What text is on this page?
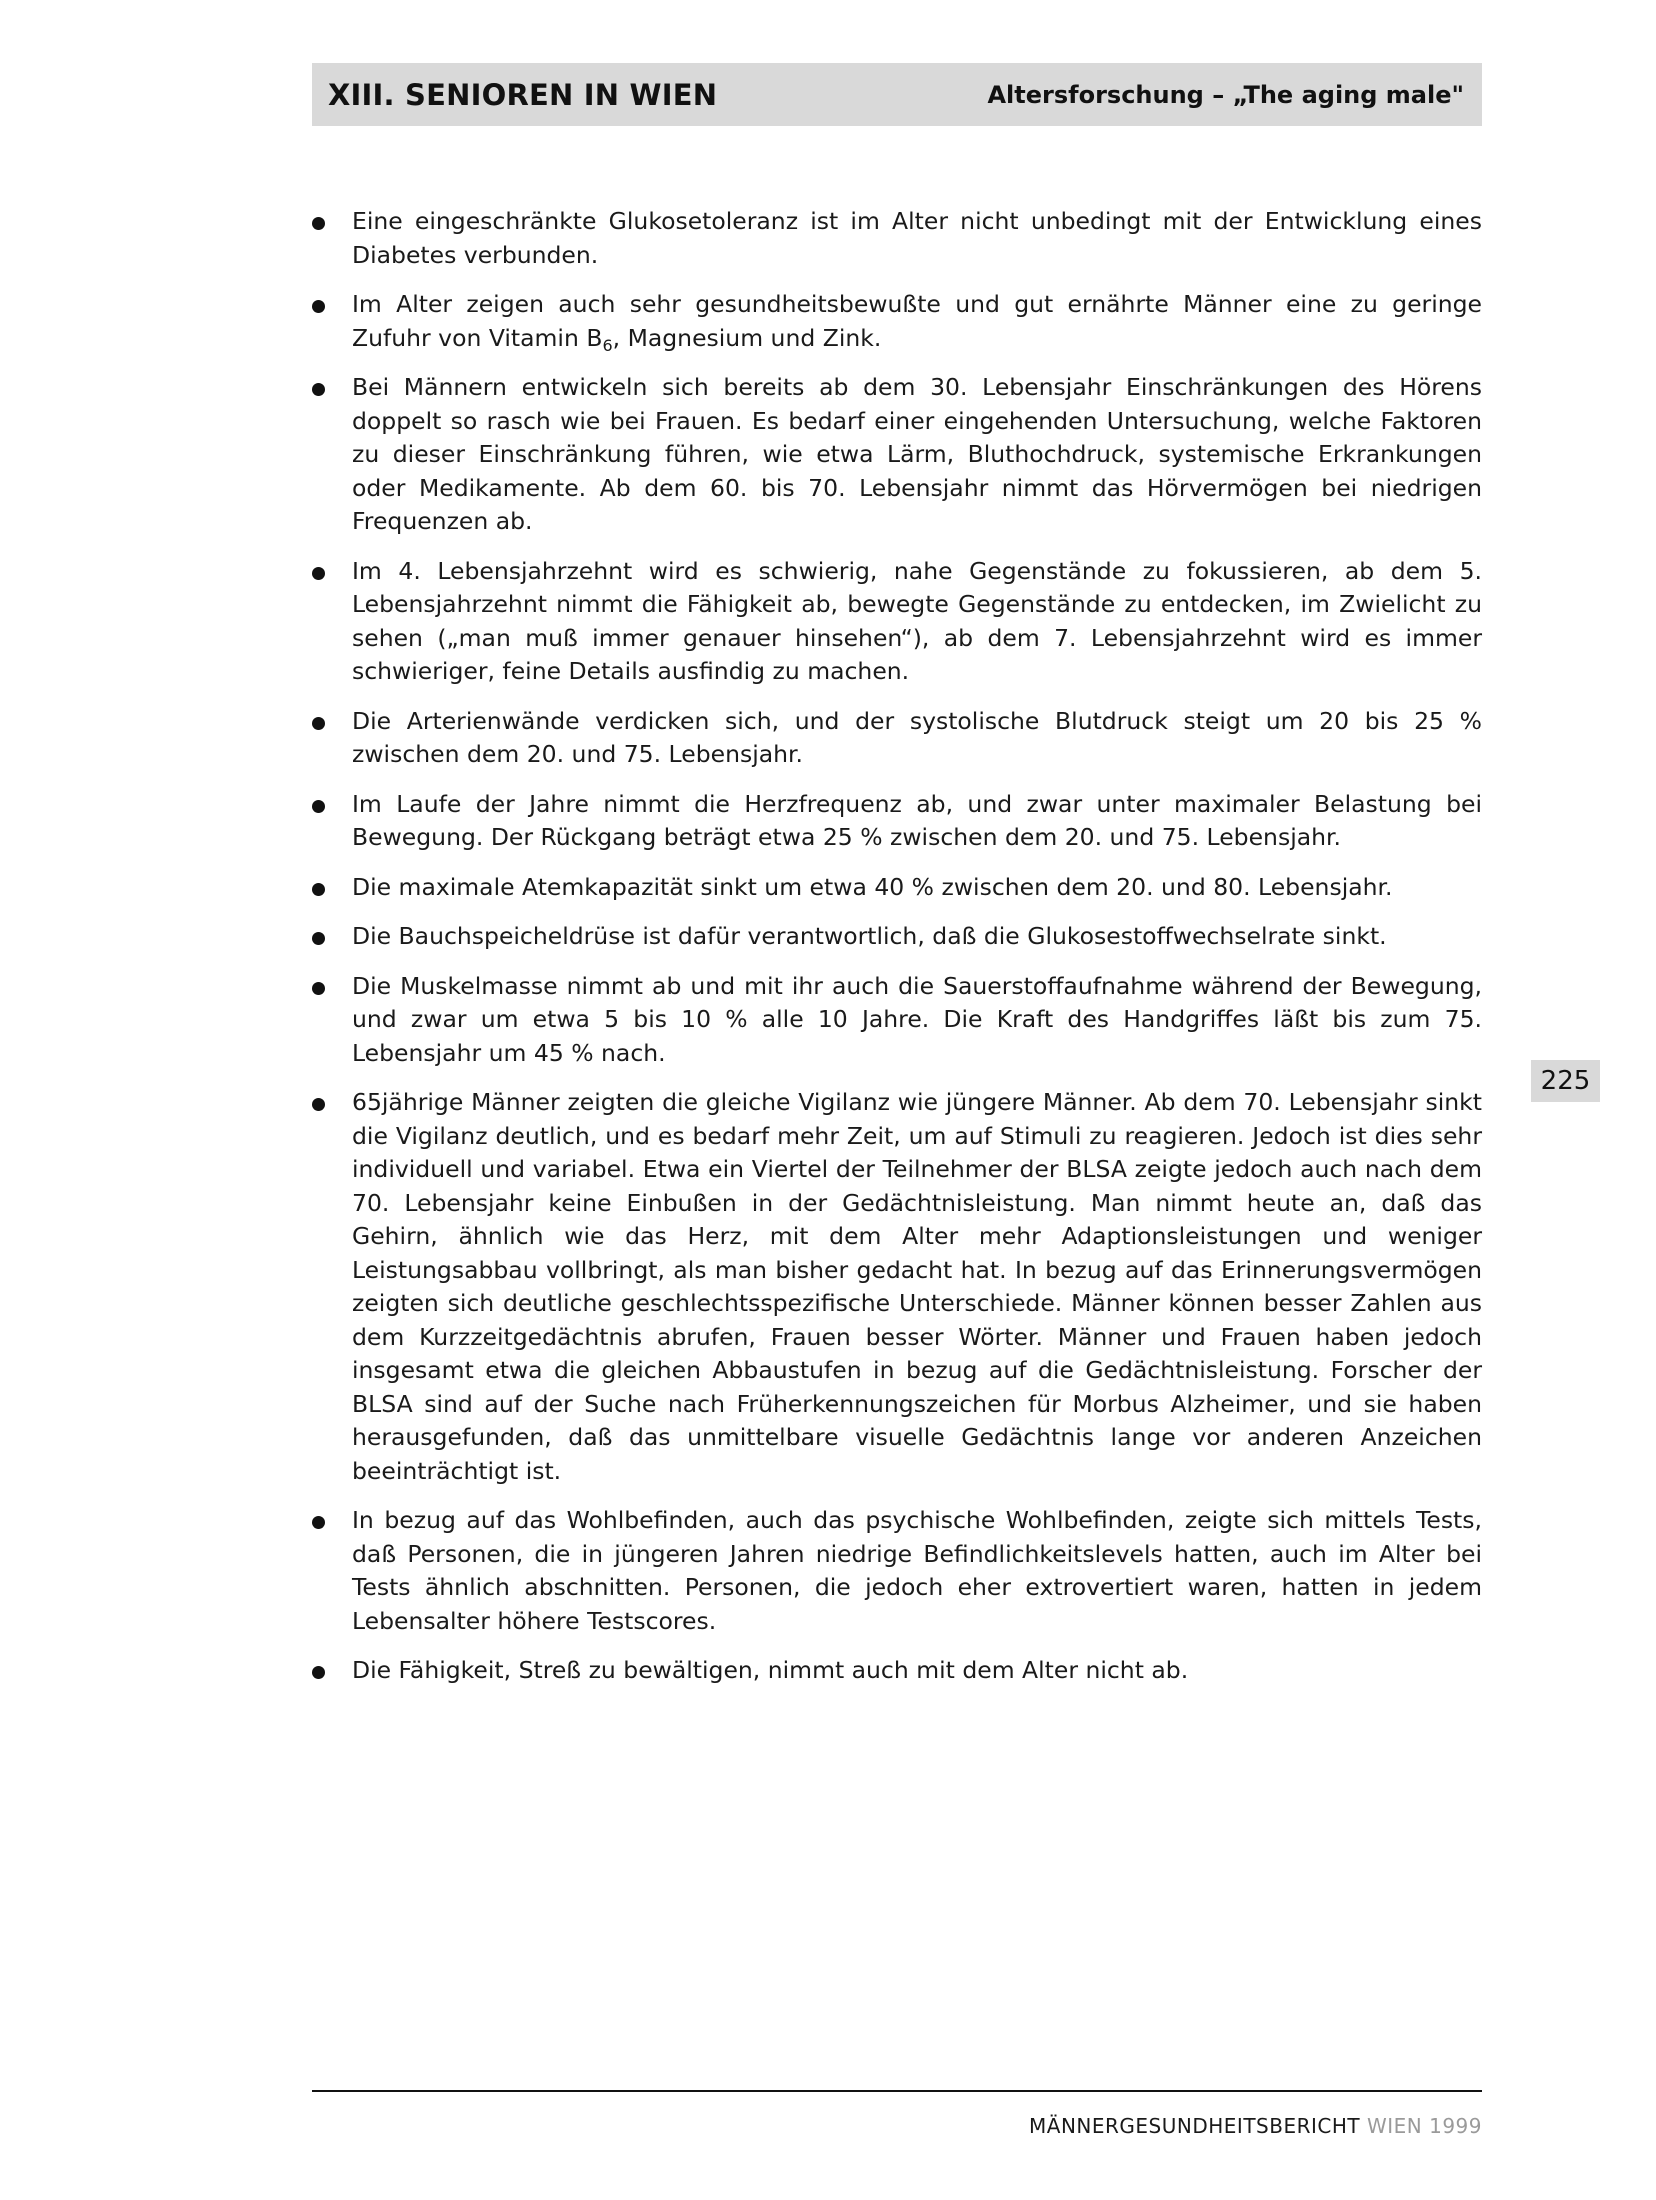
XIII. SENIOREN IN WIEN	Altersforschung – „The aging male"
Eine eingeschränkte Glukosetoleranz ist im Alter nicht unbedingt mit der Entwicklung eines Diabetes verbunden.
Im Alter zeigen auch sehr gesundheitsbewußte und gut ernährte Männer eine zu geringe Zufuhr von Vitamin $B_6$, Magnesium und Zink.
Bei Männern entwickeln sich bereits ab dem 30. Lebensjahr Einschränkungen des Hörens doppelt so rasch wie bei Frauen. Es bedarf einer eingehenden Untersuchung, welche Faktoren zu dieser Einschränkung führen, wie etwa Lärm, Bluthochdruck, systemische Erkrankungen oder Medikamente. Ab dem 60. bis 70. Lebensjahr nimmt das Hörvermögen bei niedrigen Frequenzen ab.
Im 4. Lebensjahrzehnt wird es schwierig, nahe Gegenstände zu fokussieren, ab dem 5. Lebensjahrzehnt nimmt die Fähigkeit ab, bewegte Gegenstände zu entdecken, im Zwielicht zu sehen („man muß immer genauer hinsehen“), ab dem 7. Lebensjahrzehnt wird es immer schwieriger, feine Details ausfindig zu machen.
Die Arterienwände verdicken sich, und der systolische Blutdruck steigt um 20 bis 25 % zwischen dem 20. und 75. Lebensjahr.
Im Laufe der Jahre nimmt die Herzfrequenz ab, und zwar unter maximaler Belastung bei Bewegung. Der Rückgang beträgt etwa 25 % zwischen dem 20. und 75. Lebensjahr.
Die maximale Atemkapazität sinkt um etwa 40 % zwischen dem 20. und 80. Lebensjahr.
Die Bauchspeicheldrüse ist dafür verantwortlich, daß die Glukosestoffwechselrate sinkt.
Die Muskelmasse nimmt ab und mit ihr auch die Sauerstoffaufnahme während der Bewegung, und zwar um etwa 5 bis 10 % alle 10 Jahre. Die Kraft des Handgriffes läßt bis zum 75. Lebensjahr um 45 % nach.
65jährige Männer zeigten die gleiche Vigilanz wie jüngere Männer. Ab dem 70. Lebensjahr sinkt die Vigilanz deutlich, und es bedarf mehr Zeit, um auf Stimuli zu reagieren. Jedoch ist dies sehr individuell und variabel. Etwa ein Viertel der Teilnehmer der BLSA zeigte jedoch auch nach dem 70. Lebensjahr keine Einbußen in der Gedächtnisleistung. Man nimmt heute an, daß das Gehirn, ähnlich wie das Herz, mit dem Alter mehr Adaptionsleistungen und weniger Leistungsabbau vollbringt, als man bisher gedacht hat. In bezug auf das Erinnerungsvermögen zeigten sich deutliche geschlechtsspezifische Unterschiede. Männer können besser Zahlen aus dem Kurzzeitgedächtnis abrufen, Frauen besser Wörter. Männer und Frauen haben jedoch insgesamt etwa die gleichen Abbaustufen in bezug auf die Gedächtnisleistung. Forscher der BLSA sind auf der Suche nach Früherkennungszeichen für Morbus Alzheimer, und sie haben herausgefunden, daß das unmittelbare visuelle Gedächtnis lange vor anderen Anzeichen beeinträchtigt ist.
In bezug auf das Wohlbefinden, auch das psychische Wohlbefinden, zeigte sich mittels Tests, daß Personen, die in jüngeren Jahren niedrige Befindlichkeitslevels hatten, auch im Alter bei Tests ähnlich abschnitten. Personen, die jedoch eher extrovertiert waren, hatten in jedem Lebensalter höhere Testscores.
Die Fähigkeit, Streß zu bewältigen, nimmt auch mit dem Alter nicht ab.
225
MÄNNERGESUNDHEITSBERICHT WIEN 1999
